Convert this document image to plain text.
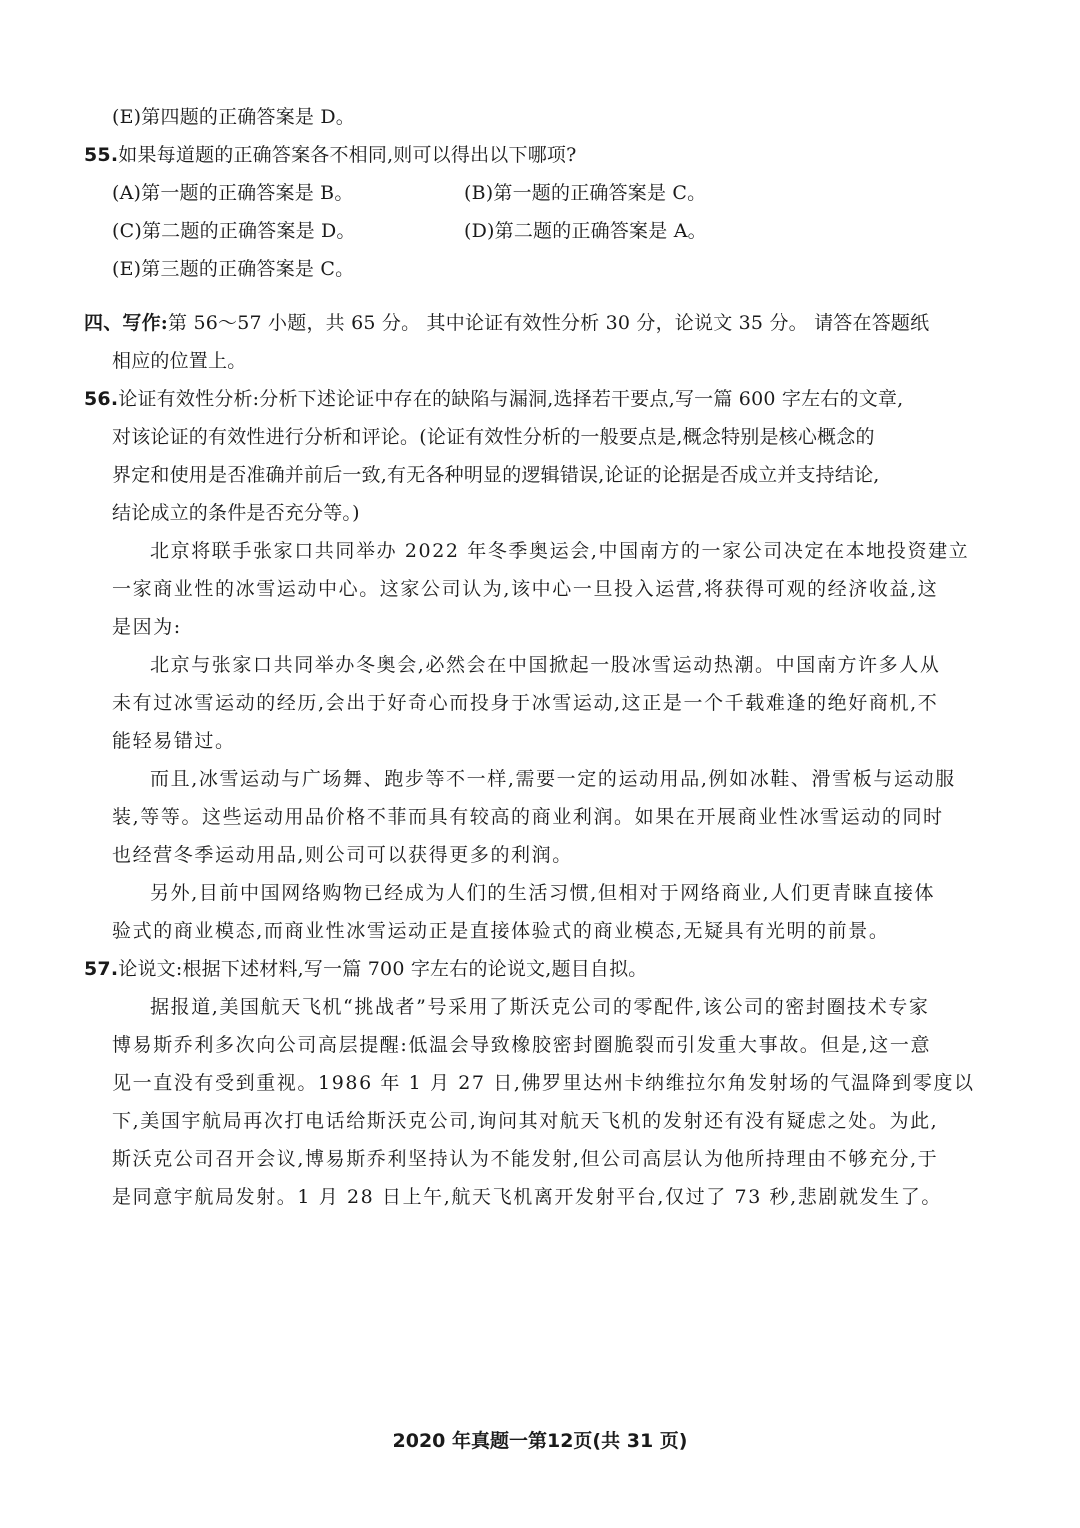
(E)第四题的正确答案是 D。
55.如果每道题的正确答案各不相同,则可以得出以下哪项?
(A)第一题的正确答案是 B。	(B)第一题的正确答案是 C。
(C)第二题的正确答案是 D。	(D)第二题的正确答案是 A。
(E)第三题的正确答案是 C。
四、写作:第 56～57 小题，共 65 分。 其中论证有效性分析 30 分，论说文 35 分。 请答在答题纸 · · ·
相应的位置上。
56.论证有效性分析:分析下述论证中存在的缺陷与漏洞,选择若干要点,写一篇 600 字左右的文章,
对该论证的有效性进行分析和评论。(论证有效性分析的一般要点是,概念特别是核心概念的
界定和使用是否准确并前后一致,有无各种明显的逻辑错误,论证的论据是否成立并支持结论,
结论成立的条件是否充分等。)
北京将联手张家口共同举办 2022 年冬季奥运会,中国南方的一家公司决定在本地投资建立
一家商业性的冰雪运动中心。这家公司认为,该中心一旦投入运营,将获得可观的经济收益,这
是因为:
北京与张家口共同举办冬奥会,必然会在中国掀起一股冰雪运动热潮。中国南方许多人从
未有过冰雪运动的经历,会出于好奇心而投身于冰雪运动,这正是一个千载难逢的绝好商机,不
能轻易错过。
而且,冰雪运动与广场舞、跑步等不一样,需要一定的运动用品,例如冰鞋、滑雪板与运动服
装,等等。这些运动用品价格不菲而具有较高的商业利润。如果在开展商业性冰雪运动的同时
也经营冬季运动用品,则公司可以获得更多的利润。
另外,目前中国网络购物已经成为人们的生活习惯,但相对于网络商业,人们更青睐直接体
验式的商业模态,而商业性冰雪运动正是直接体验式的商业模态,无疑具有光明的前景。
57.论说文:根据下述材料,写一篇 700 字左右的论说文,题目自拟。
据报道,美国航天飞机“挑战者”号采用了斯沃克公司的零配件,该公司的密封圈技术专家
博易斯乔利多次向公司高层提醒:低温会导致橡胶密封圈脆裂而引发重大事故。但是,这一意
见一直没有受到重视。1986 年 1 月 27 日,佛罗里达州卡纳维拉尔角发射场的气温降到零度以
下,美国宇航局再次打电话给斯沃克公司,询问其对航天飞机的发射还有没有疑虑之处。为此,
斯沃克公司召开会议,博易斯乔利坚持认为不能发射,但公司高层认为他所持理由不够充分,于
是同意宇航局发射。1 月 28 日上午,航天飞机离开发射平台,仅过了 73 秒,悲剧就发生了。
2020 年真题一第12页(共 31 页)
